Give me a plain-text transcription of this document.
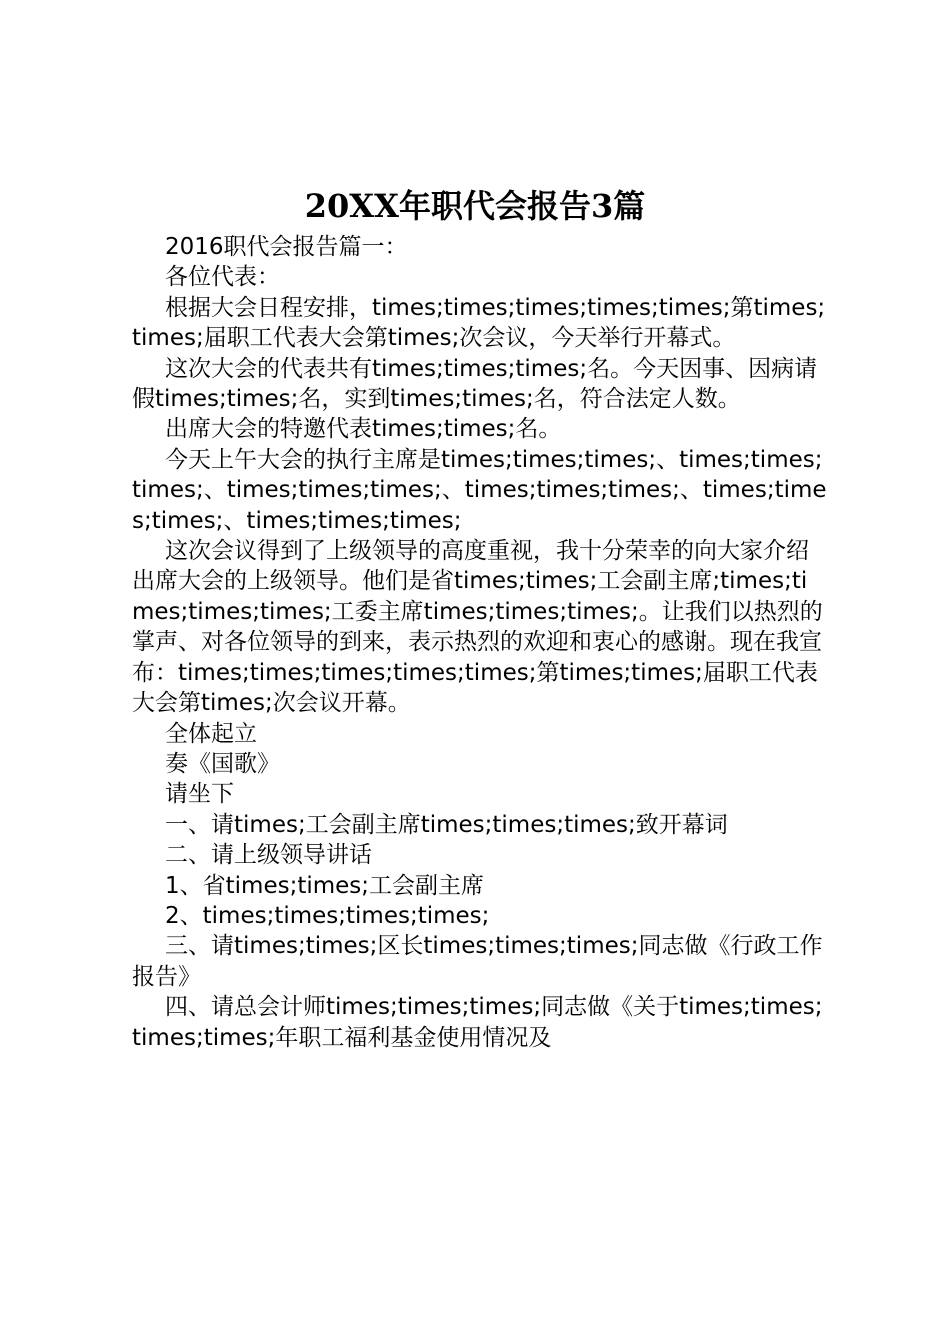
20XX年职代会报告3篇

2016职代会报告篇一：

各位代表：

根据大会日程安排，times;times;times;times;times;第times;times;届职工代表大会第times;次会议，今天举行开幕式。

这次大会的代表共有times;times;times;名。今天因事、因病请假times;times;名，实到times;times;名，符合法定人数。

出席大会的特邀代表times;times;名。

今天上午大会的执行主席是times;times;times;、times;times;times;、times;times;times;、times;times;times;、times;times;times;、times;times;times;

这次会议得到了上级领导的高度重视，我十分荣幸的向大家介绍出席大会的上级领导。他们是省times;times;工会副主席;times;times;times;times;工委主席times;times;times;。让我们以热烈的掌声、对各位领导的到来，表示热烈的欢迎和衷心的感谢。现在我宣布：times;times;times;times;times;第times;times;届职工代表大会第times;次会议开幕。

全体起立

奏《国歌》

请坐下

一、请times;工会副主席times;times;times;致开幕词

二、请上级领导讲话

1、省times;times;工会副主席

2、times;times;times;times;

三、请times;times;区长times;times;times;同志做《行政工作报告》

四、请总会计师times;times;times;同志做《关于times;times;times;times;年职工福利基金使用情况及
